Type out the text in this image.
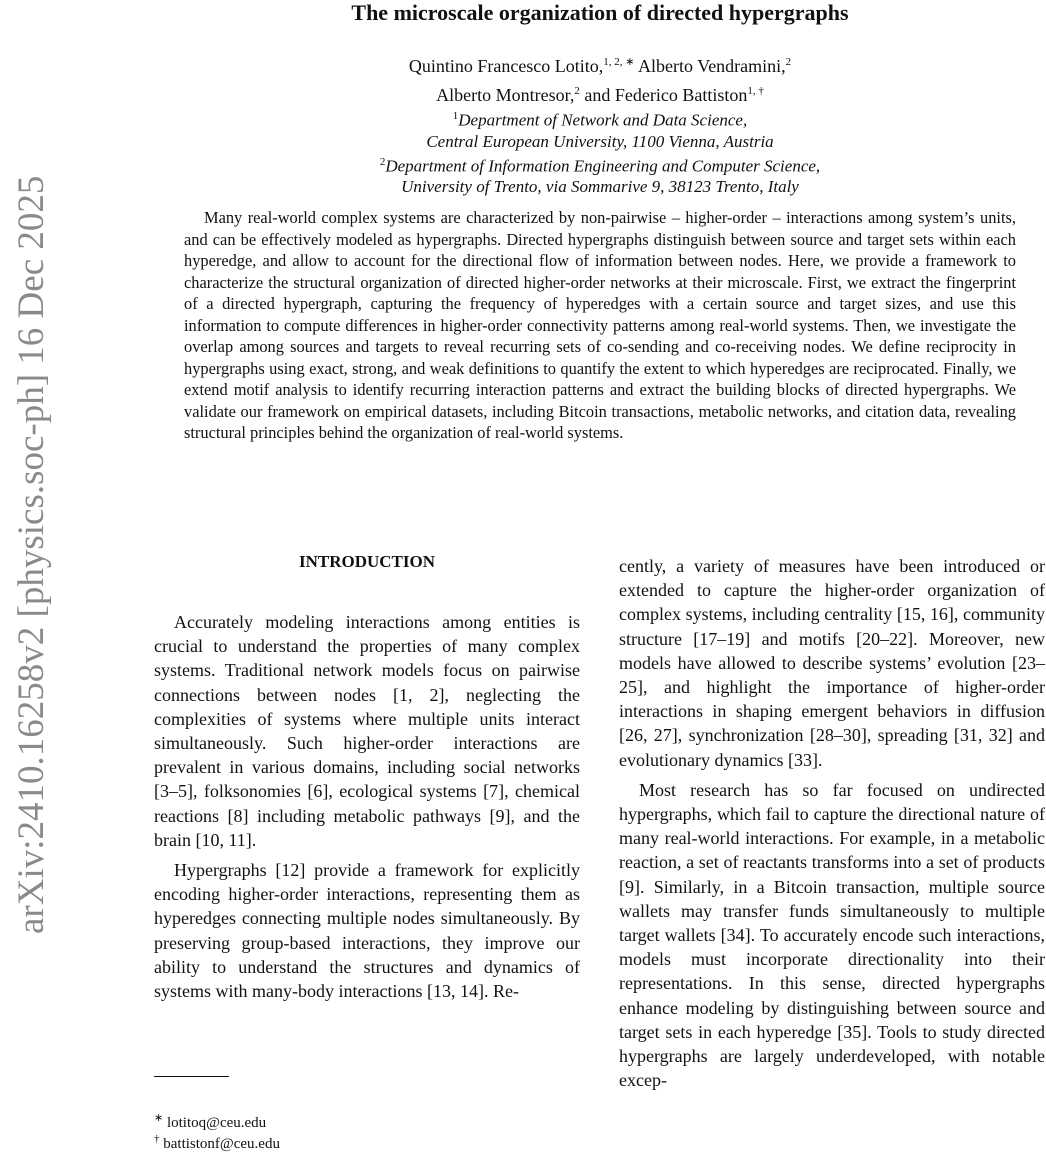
arXiv:2410.16258v2 [physics.soc-ph] 16 Dec 2025
The microscale organization of directed hypergraphs
Quintino Francesco Lotito,$^{1, 2, ∗}$ Alberto Vendramini,$^2$
Alberto Montresor,$^2$ and Federico Battiston$^{1, \dagger}$
$^1$Department of Network and Data Science,
Central European University, 1100 Vienna, Austria
$^2$Department of Information Engineering and Computer Science,
University of Trento, via Sommarive 9, 38123 Trento, Italy
Many real-world complex systems are characterized by non-pairwise – higher-order – interactions among system’s units, and can be effectively modeled as hypergraphs. Directed hypergraphs distinguish between source and target sets within each hyperedge, and allow to account for the directional flow of information between nodes. Here, we provide a framework to characterize the structural organization of directed higher-order networks at their microscale. First, we extract the fingerprint of a directed hypergraph, capturing the frequency of hyperedges with a certain source and target sizes, and use this information to compute differences in higher-order connectivity patterns among real-world systems. Then, we investigate the overlap among sources and targets to reveal recurring sets of co-sending and co-receiving nodes. We define reciprocity in hypergraphs using exact, strong, and weak definitions to quantify the extent to which hyperedges are reciprocated. Finally, we extend motif analysis to identify recurring interaction patterns and extract the building blocks of directed hypergraphs. We validate our framework on empirical datasets, including Bitcoin transactions, metabolic networks, and citation data, revealing structural principles behind the organization of real-world systems.
INTRODUCTION

Accurately modeling interactions among entities is crucial to understand the properties of many complex systems. Traditional network models focus on pairwise connections between nodes [1, 2], neglecting the complexities of systems where multiple units interact simultaneously. Such higher-order interactions are prevalent in various domains, including social networks [3–5], folksonomies [6], ecological systems [7], chemical reactions [8] including metabolic pathways [9], and the brain [10, 11].

Hypergraphs [12] provide a framework for explicitly encoding higher-order interactions, representing them as hyperedges connecting multiple nodes simultaneously. By preserving group-based interactions, they improve our ability to understand the structures and dynamics of systems with many-body interactions [13, 14]. Re-

cently, a variety of measures have been introduced or extended to capture the higher-order organization of complex systems, including centrality [15, 16], community structure [17–19] and motifs [20–22]. Moreover, new models have allowed to describe systems’ evolution [23–25], and highlight the importance of higher-order interactions in shaping emergent behaviors in diffusion [26, 27], synchronization [28–30], spreading [31, 32] and evolutionary dynamics [33].

Most research has so far focused on undirected hypergraphs, which fail to capture the directional nature of many real-world interactions. For example, in a metabolic reaction, a set of reactants transforms into a set of products [9]. Similarly, in a Bitcoin transaction, multiple source wallets may transfer funds simultaneously to multiple target wallets [34]. To accurately encode such interactions, models must incorporate directionality into their representations. In this sense, directed hypergraphs enhance modeling by distinguishing between source and target sets in each hyperedge [35]. Tools to study directed hypergraphs are largely underdeveloped, with notable excep-

∗ lotitoq@ceu.edu
† battistonf@ceu.edu
